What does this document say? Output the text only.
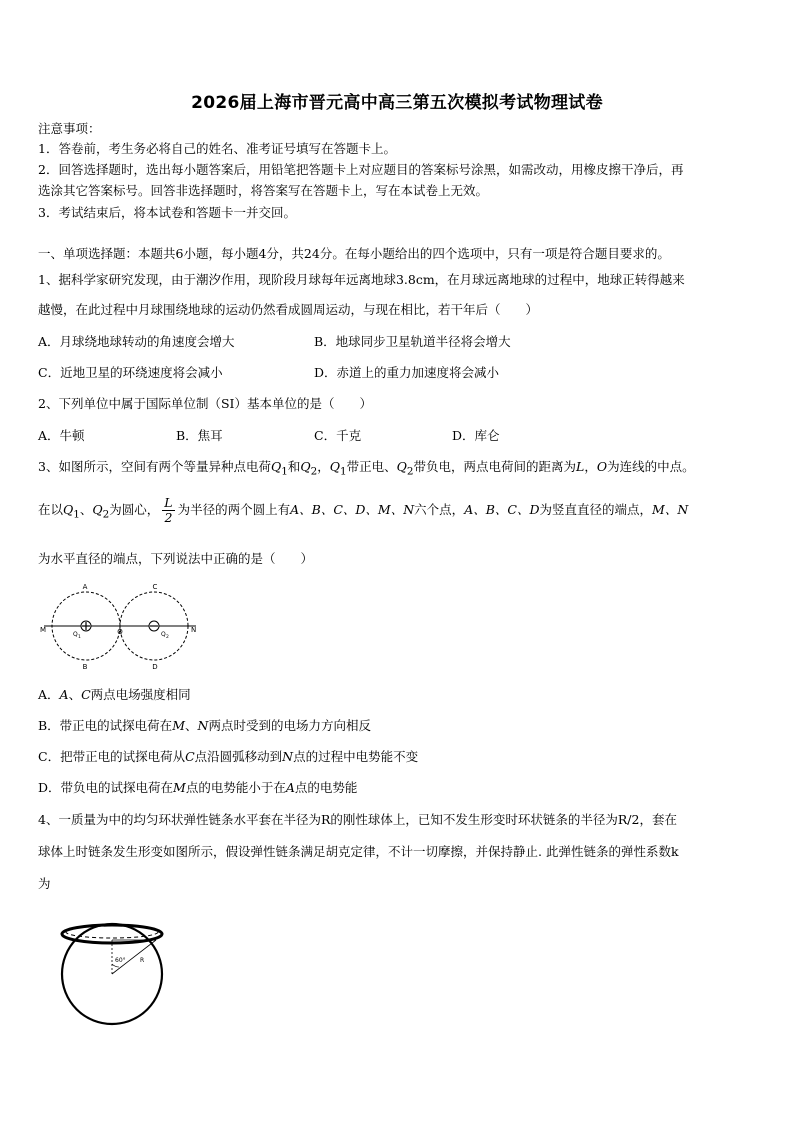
2026届上海市晋元高中高三第五次模拟考试物理试卷
注意事项：
1．答卷前，考生务必将自己的姓名、准考证号填写在答题卡上。
2．回答选择题时，选出每小题答案后，用铅笔把答题卡上对应题目的答案标号涂黑，如需改动，用橡皮擦干净后，再
选涂其它答案标号。回答非选择题时，将答案写在答题卡上，写在本试卷上无效。
3．考试结束后，将本试卷和答题卡一并交回。
一、单项选择题：本题共6小题，每小题4分，共24分。在每小题给出的四个选项中，只有一项是符合题目要求的。
1、据科学家研究发现，由于潮汐作用，现阶段月球每年远离地球3.8cm，在月球远离地球的过程中，地球正转得越来
越慢，在此过程中月球围绕地球的运动仍然看成圆周运动，与现在相比，若干年后（　　）
A．月球绕地球转动的角速度会增大	B．地球同步卫星轨道半径将会增大
C．近地卫星的环绕速度将会减小	D．赤道上的重力加速度将会减小
2、下列单位中属于国际单位制（SI）基本单位的是（　　）
A．牛顿	B．焦耳	C．千克	D．库仑
3、如图所示，空间有两个等量异种点电荷$Q_1$和$Q_2$，$Q_1$带正电、$Q_2$带负电，两点电荷间的距离为L，O为连线的中点。
在以$Q_1$、$Q_2$为圆心， $\frac{L}{2}$ 为半径的两个圆上有A、B、C、D、M、N六个点，A、B、C、D为竖直直径的端点，M、N
为水平直径的端点，下列说法中正确的是（　　）
A
B
C
D
M	N
O
Q 1	Q 2
A．A、C两点电场强度相同
B．带正电的试探电荷在M、N两点时受到的电场力方向相反
C．把带正电的试探电荷从C点沿圆弧移动到N点的过程中电势能不变
D．带负电的试探电荷在M点的电势能小于在A点的电势能
4、一质量为中的均匀环状弹性链条水平套在半径为R的刚性球体上，已知不发生形变时环状链条的半径为R/2，套在
球体上时链条发生形变如图所示，假设弹性链条满足胡克定律，不计一切摩擦，并保持静止. 此弹性链条的弹性系数k
为
60° R
